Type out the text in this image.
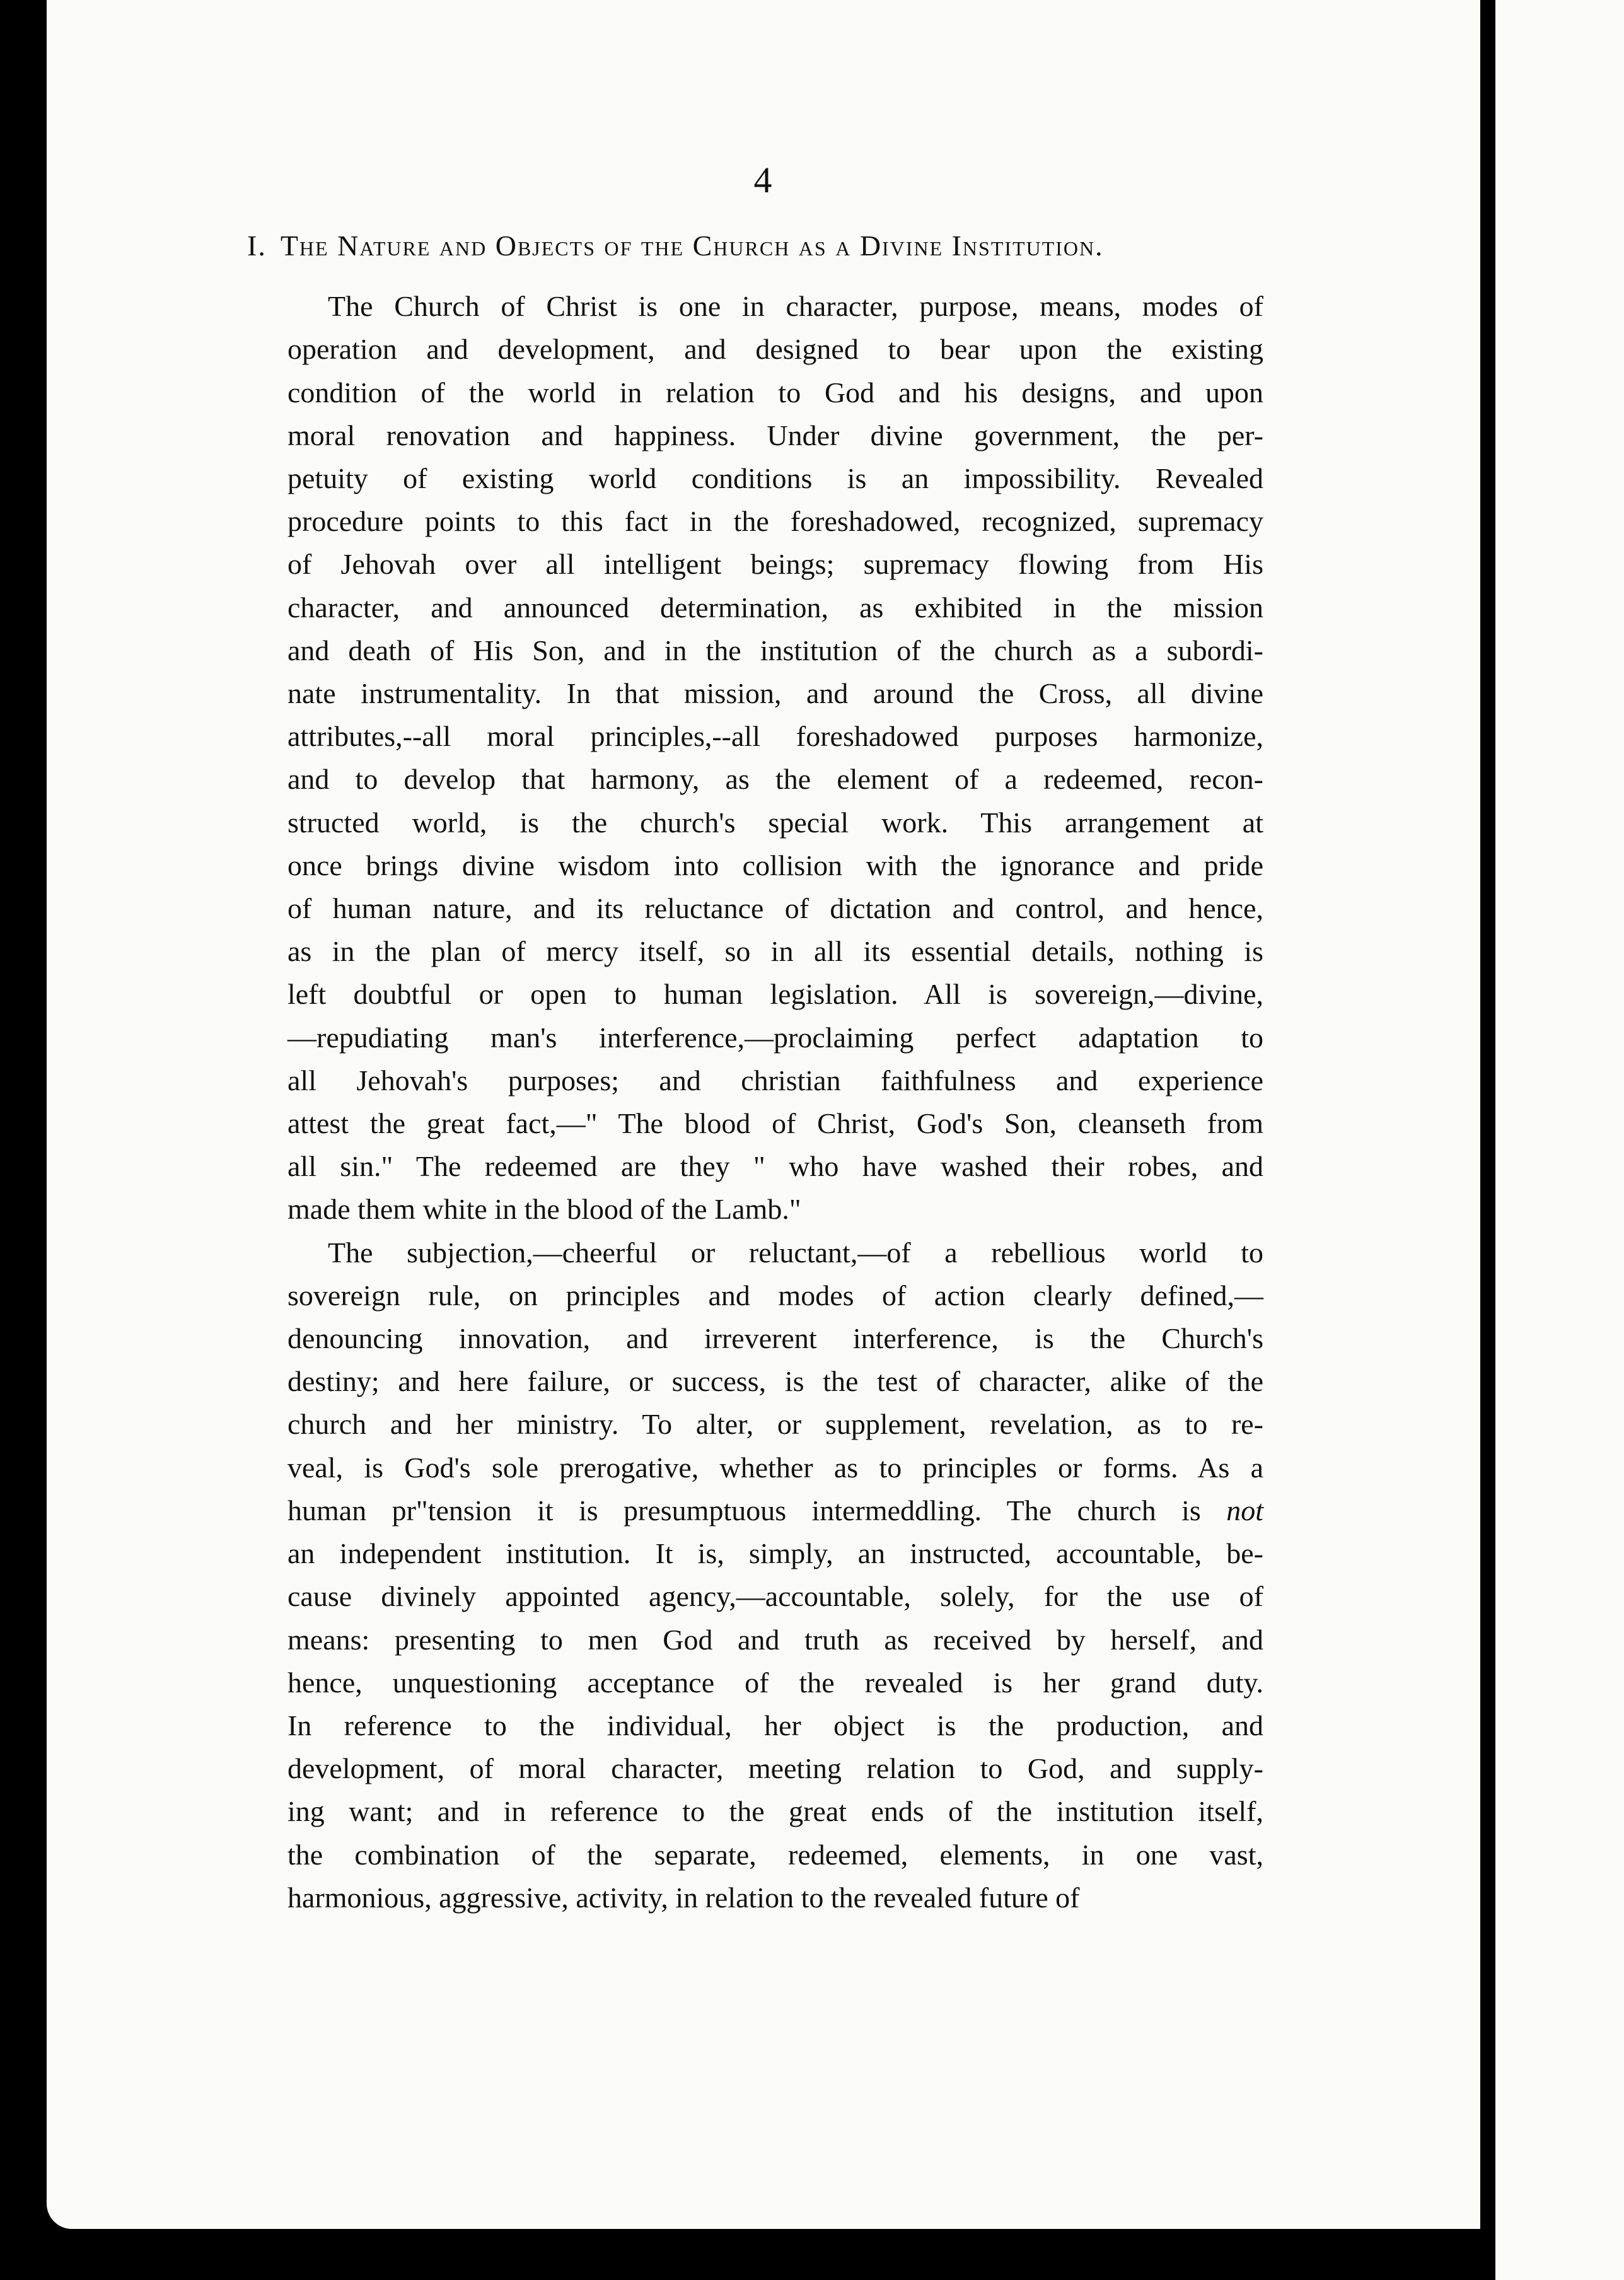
4
I. The Nature and Objects of the Church as a Divine Institution.
The Church of Christ is one in character, purpose, means, modes of
operation and development, and designed to bear upon the existing
condition of the world in relation to God and his designs, and upon
moral renovation and happiness. Under divine government, the per-
petuity of existing world conditions is an impossibility. Revealed
procedure points to this fact in the foreshadowed, recognized, supremacy
of Jehovah over all intelligent beings; supremacy flowing from His
character, and announced determination, as exhibited in the mission
and death of His Son, and in the institution of the church as a subordi-
nate instrumentality. In that mission, and around the Cross, all divine
attributes,--all moral principles,--all foreshadowed purposes harmonize,
and to develop that harmony, as the element of a redeemed, recon-
structed world, is the church's special work. This arrangement at
once brings divine wisdom into collision with the ignorance and pride
of human nature, and its reluctance of dictation and control, and hence,
as in the plan of mercy itself, so in all its essential details, nothing is
left doubtful or open to human legislation. All is sovereign,—divine,
—repudiating man's interference,—proclaiming perfect adaptation to
all Jehovah's purposes; and christian faithfulness and experience
attest the great fact,—" The blood of Christ, God's Son, cleanseth from
all sin." The redeemed are they " who have washed their robes, and
made them white in the blood of the Lamb."
The subjection,—cheerful or reluctant,—of a rebellious world to
sovereign rule, on principles and modes of action clearly defined,—
denouncing innovation, and irreverent interference, is the Church's
destiny; and here failure, or success, is the test of character, alike of the
church and her ministry. To alter, or supplement, revelation, as to re-
veal, is God's sole prerogative, whether as to principles or forms. As a
human pr"tension it is presumptuous intermeddling. The church is not
an independent institution. It is, simply, an instructed, accountable, be-
cause divinely appointed agency,—accountable, solely, for the use of
means: presenting to men God and truth as received by herself, and
hence, unquestioning acceptance of the revealed is her grand duty.
In reference to the individual, her object is the production, and
development, of moral character, meeting relation to God, and supply-
ing want; and in reference to the great ends of the institution itself,
the combination of the separate, redeemed, elements, in one vast,
harmonious, aggressive, activity, in relation to the revealed future of
